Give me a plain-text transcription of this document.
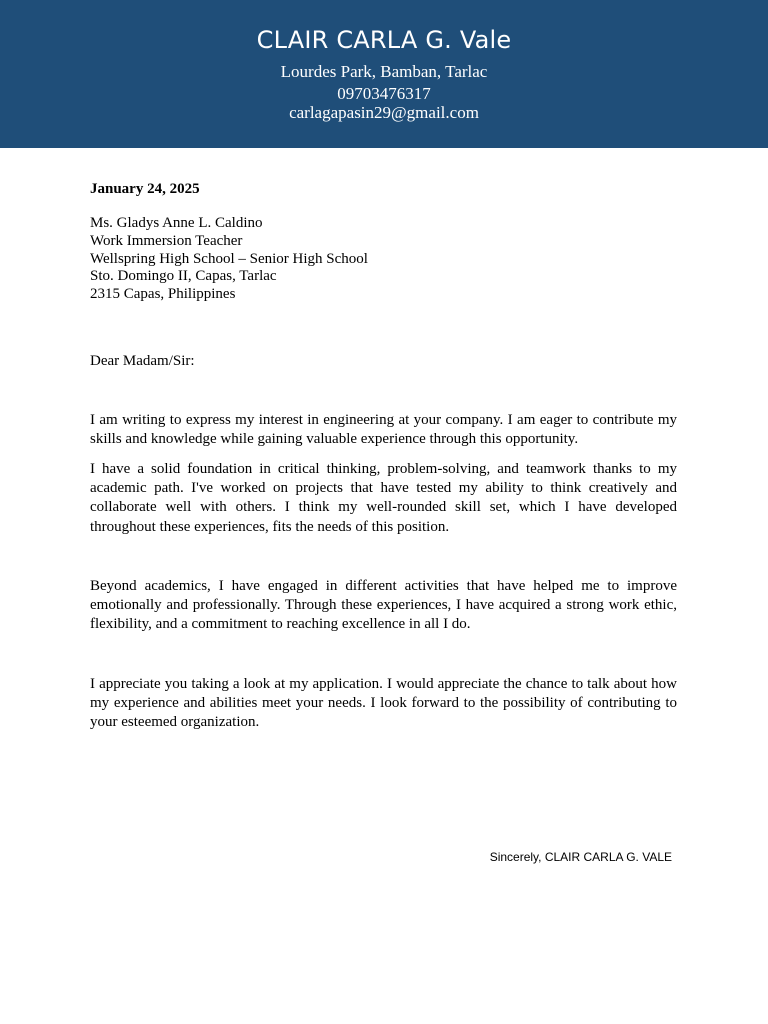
CLAIR CARLA G. Vale
Lourdes Park, Bamban, Tarlac
09703476317
carlagapasin29@gmail.com
January 24, 2025
Ms. Gladys Anne L. Caldino
Work Immersion Teacher
Wellspring High School – Senior High School
Sto. Domingo II, Capas, Tarlac
2315 Capas, Philippines
Dear Madam/Sir:

I am writing to express my interest in engineering at your company. I am eager to contribute my skills and knowledge while gaining valuable experience through this opportunity.

I have a solid foundation in critical thinking, problem-solving, and teamwork thanks to my academic path. I've worked on projects that have tested my ability to think creatively and collaborate well with others. I think my well-rounded skill set, which I have developed throughout these experiences, fits the needs of this position.

Beyond academics, I have engaged in different activities that have helped me to improve emotionally and professionally. Through these experiences, I have acquired a strong work ethic, flexibility, and a commitment to reaching excellence in all I do.

I appreciate you taking a look at my application. I would appreciate the chance to talk about how my experience and abilities meet your needs. I look forward to the possibility of contributing to your esteemed organization.

Sincerely, CLAIR CARLA G. VALE
